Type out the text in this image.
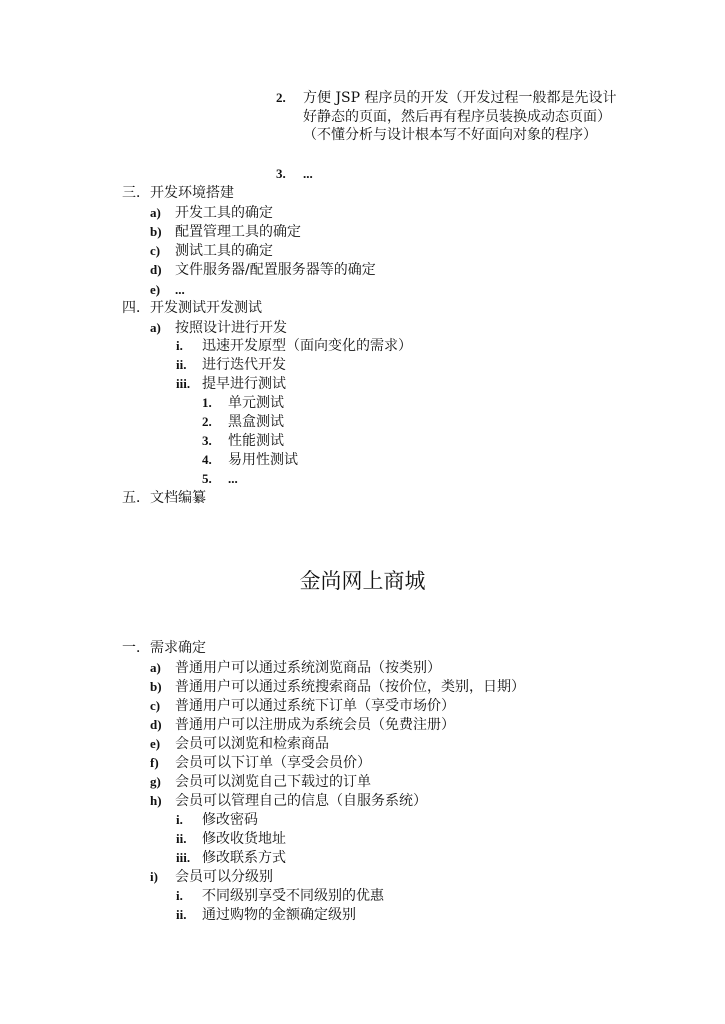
2. 方便 JSP 程序员的开发（开发过程一般都是先设计好静态的页面，然后再有程序员装换成动态页面）（不懂分析与设计根本写不好面向对象的程序）
3. ...
三．开发环境搭建
a) 开发工具的确定
b) 配置管理工具的确定
c) 测试工具的确定
d) 文件服务器/配置服务器等的确定
e) ...
四．开发测试开发测试
a) 按照设计进行开发
i. 迅速开发原型（面向变化的需求）
ii. 进行迭代开发
iii. 提早进行测试
1. 单元测试
2. 黑盒测试
3. 性能测试
4. 易用性测试
5. ...
五．文档编纂
金尚网上商城
一．需求确定
a) 普通用户可以通过系统浏览商品（按类别）
b) 普通用户可以通过系统搜索商品（按价位，类别，日期）
c) 普通用户可以通过系统下订单（享受市场价）
d) 普通用户可以注册成为系统会员（免费注册）
e) 会员可以浏览和检索商品
f) 会员可以下订单（享受会员价）
g) 会员可以浏览自己下载过的订单
h) 会员可以管理自己的信息（自服务系统）
i. 修改密码
ii. 修改收货地址
iii. 修改联系方式
i) 会员可以分级别
i. 不同级别享受不同级别的优惠
ii. 通过购物的金额确定级别
